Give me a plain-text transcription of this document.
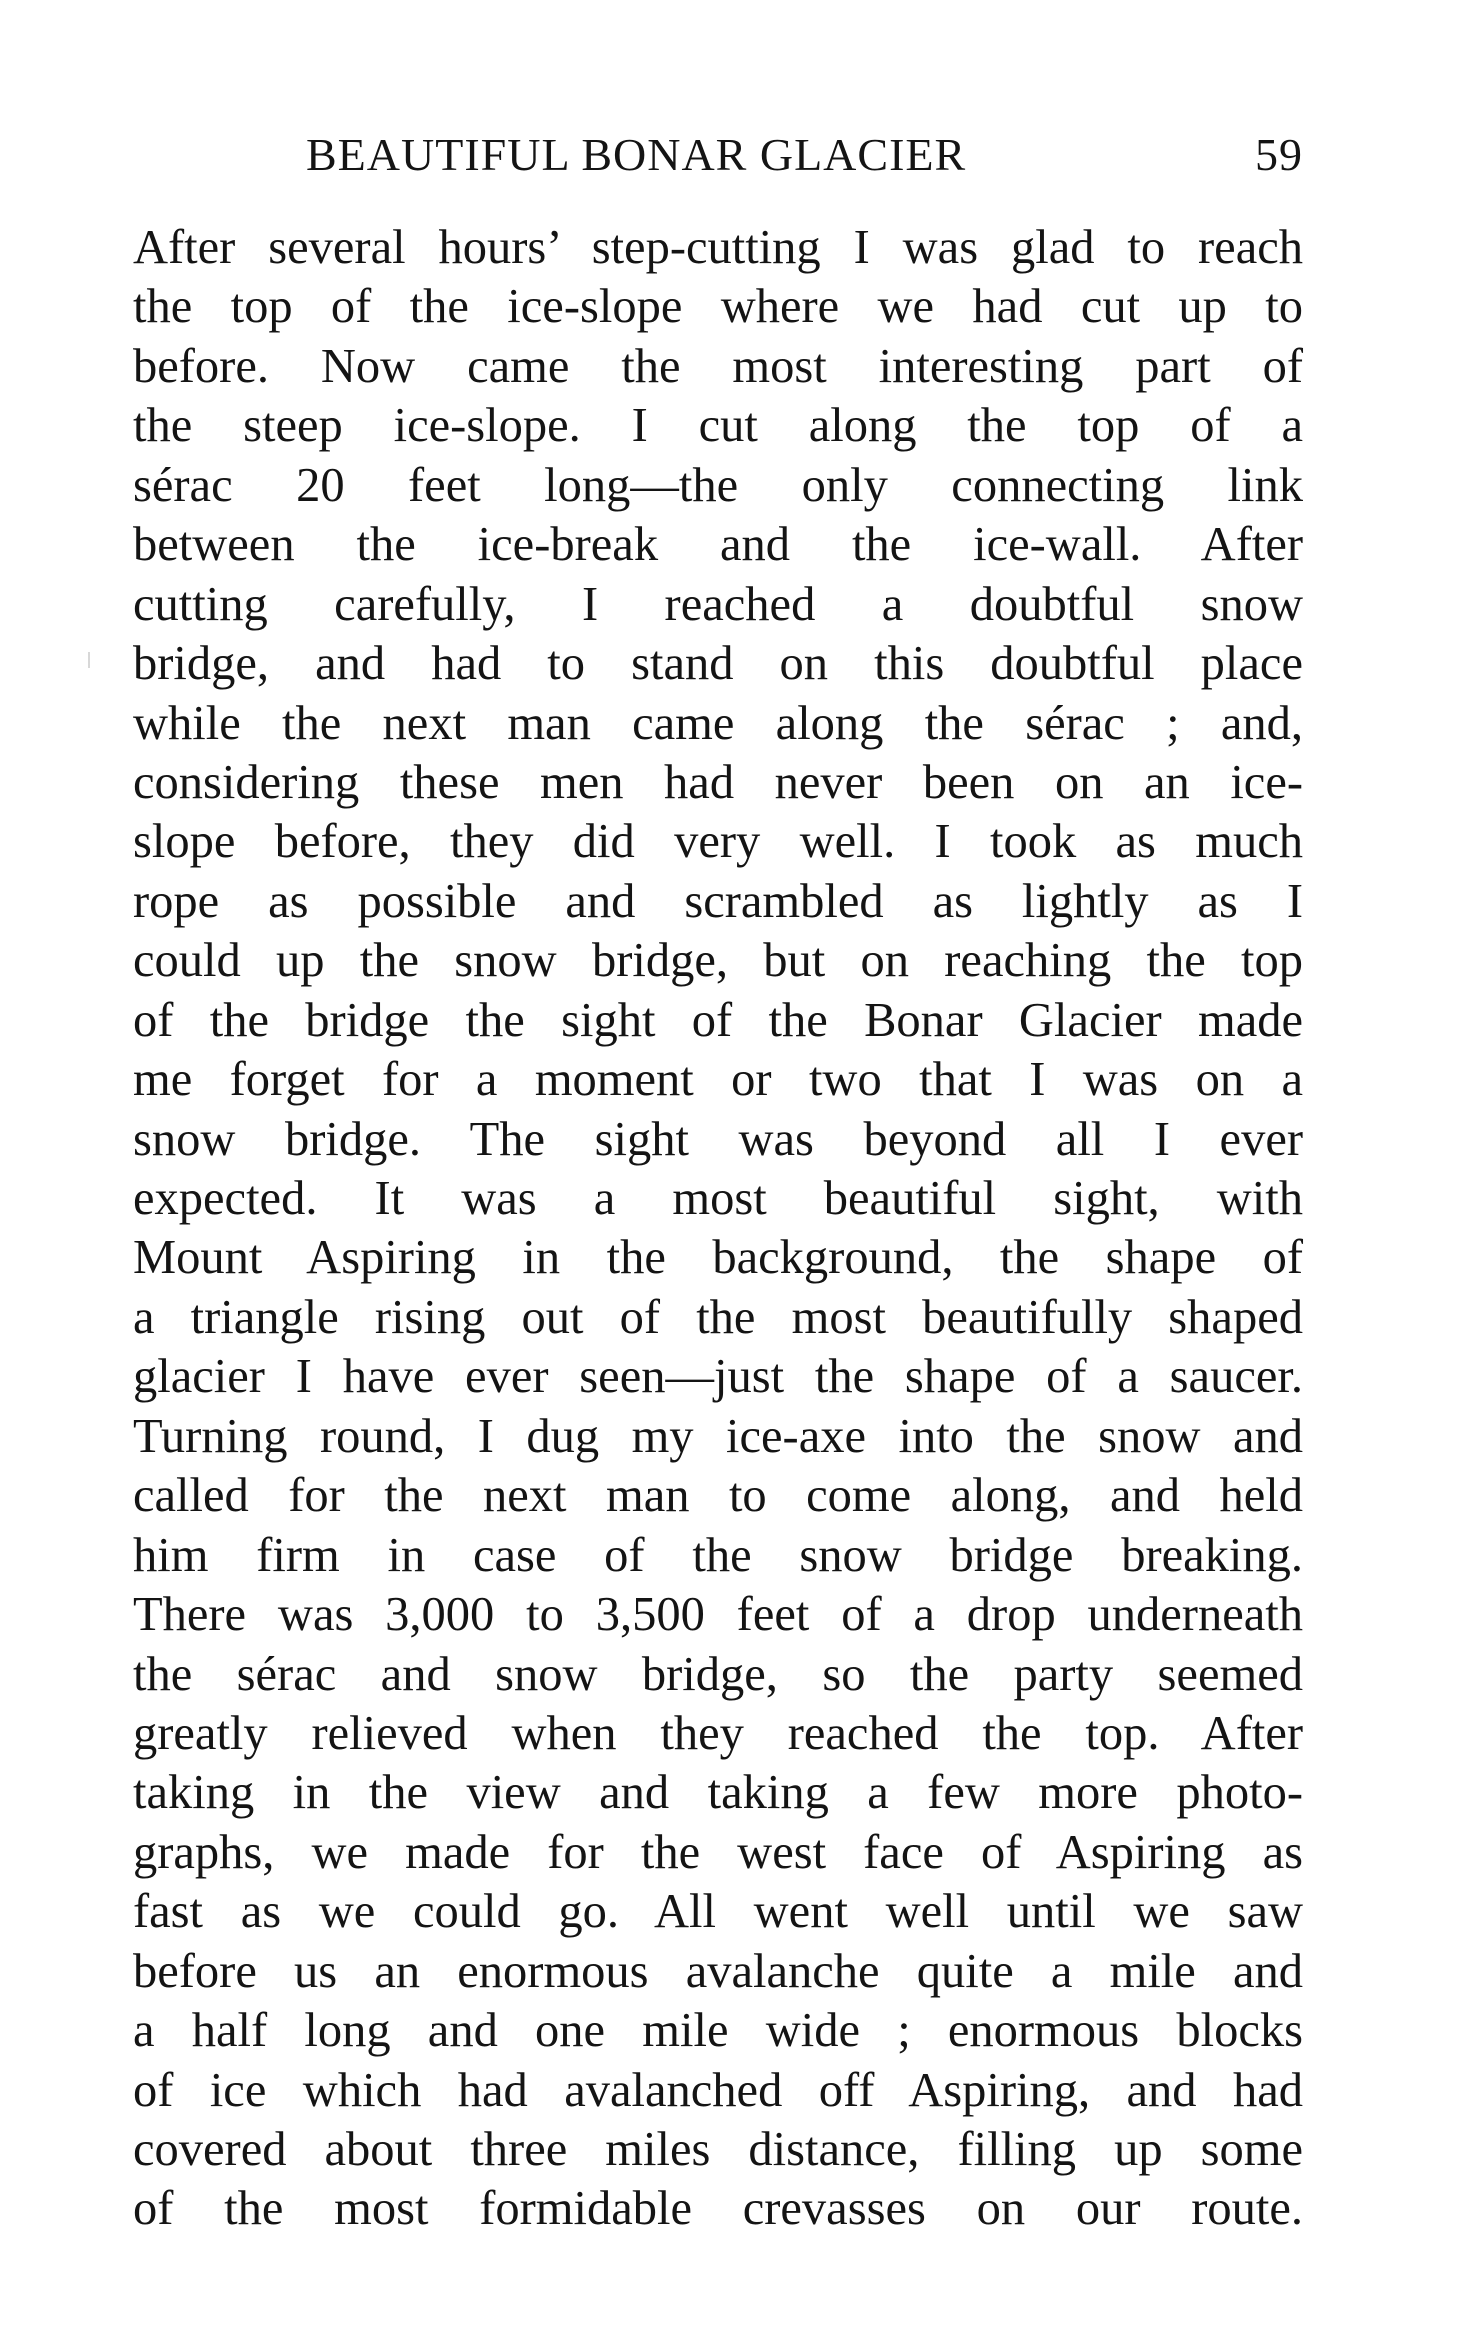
BEAUTIFUL BONAR GLACIER	59
After several hours’ step-cutting I was glad to reach
the top of the ice-slope where we had cut up to
before. Now came the most interesting part of
the steep ice-slope. I cut along the top of a
sérac 20 feet long—the only connecting link
between the ice-break and the ice-wall. After
cutting carefully, I reached a doubtful snow
bridge, and had to stand on this doubtful place
while the next man came along the sérac ; and,
considering these men had never been on an ice-
slope before, they did very well. I took as much
rope as possible and scrambled as lightly as I
could up the snow bridge, but on reaching the top
of the bridge the sight of the Bonar Glacier made
me forget for a moment or two that I was on a
snow bridge. The sight was beyond all I ever
expected. It was a most beautiful sight, with
Mount Aspiring in the background, the shape of
a triangle rising out of the most beautifully shaped
glacier I have ever seen—just the shape of a saucer.
Turning round, I dug my ice-axe into the snow and
called for the next man to come along, and held
him firm in case of the snow bridge breaking.
There was 3,000 to 3,500 feet of a drop underneath
the sérac and snow bridge, so the party seemed
greatly relieved when they reached the top. After
taking in the view and taking a few more photo-
graphs, we made for the west face of Aspiring as
fast as we could go. All went well until we saw
before us an enormous avalanche quite a mile and
a half long and one mile wide ; enormous blocks
of ice which had avalanched off Aspiring, and had
covered about three miles distance, filling up some
of the most formidable crevasses on our route.
